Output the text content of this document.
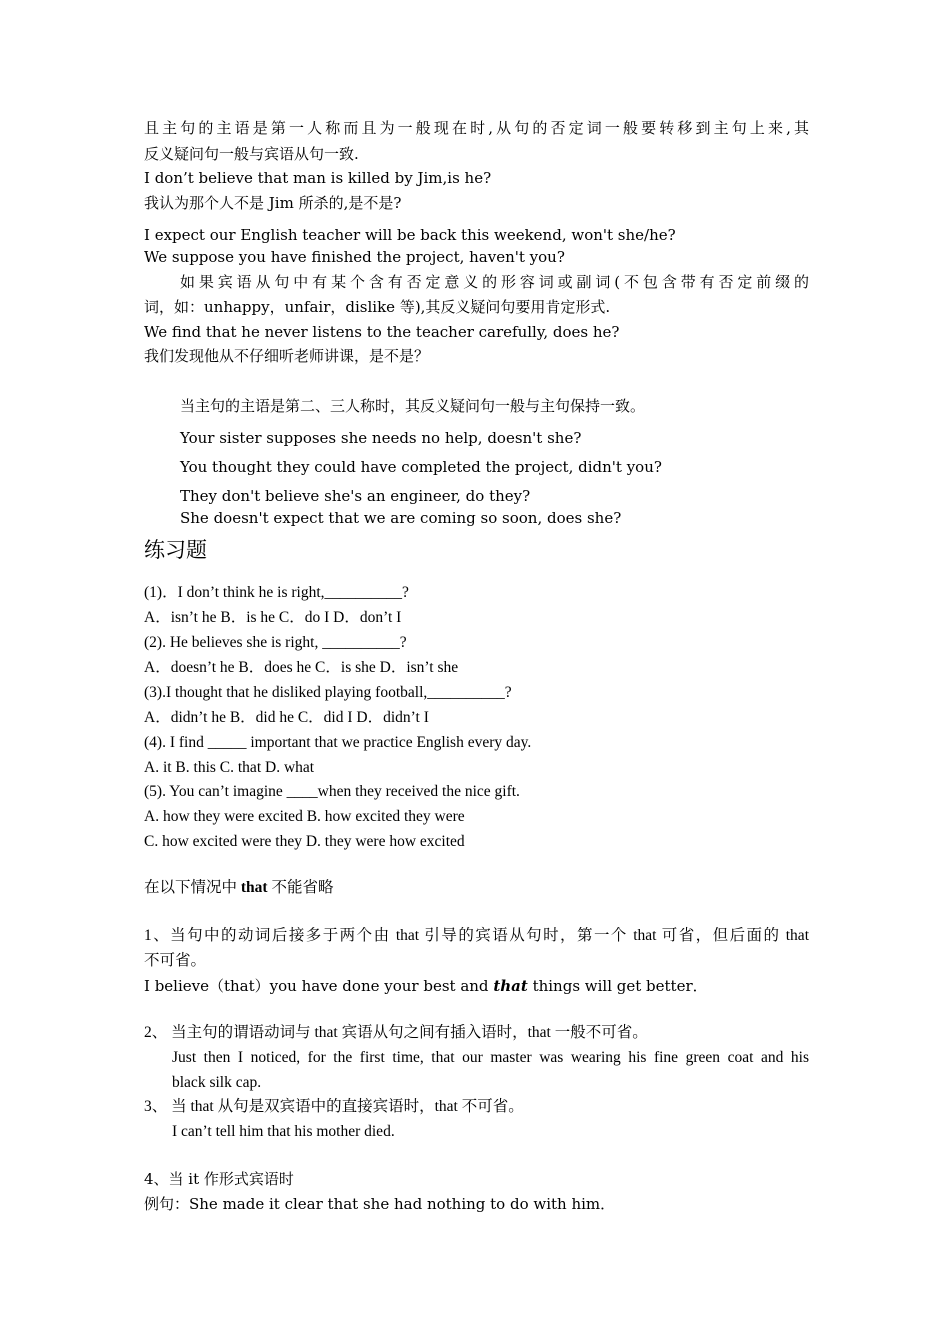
且主句的主语是第一人称而且为一般现在时,从句的否定词一般要转移到主句上来,其
反义疑问句一般与宾语从句一致.
I don’t believe that man is killed by Jim,is he?
我认为那个人不是 Jim 所杀的,是不是?
I expect our English teacher will be back this weekend, won't she/he?
We suppose you have finished the project, haven't you?
如果宾语从句中有某个含有否定意义的形容词或副词(不包含带有否定前缀的
词，如：unhappy，unfair，dislike 等),其反义疑问句要用肯定形式.
We find that he never listens to the teacher carefully, does he?
我们发现他从不仔细听老师讲课，是不是？
当主句的主语是第二、三人称时，其反义疑问句一般与主句保持一致。
Your sister supposes she needs no help, doesn't she?
You thought they could have completed the project, didn't you?
They don't believe she's an engineer, do they?
She doesn't expect that we are coming so soon, does she?
练习题
(1)．I don’t think he is right,__________?
A．isn’t he B．is he C．do I D．don’t I
(2). He believes she is right, __________?
A．doesn’t he B．does he C．is she D．isn’t she
(3).I thought that he disliked playing football,__________?
A．didn’t he B．did he C．did I D．didn’t I
(4). I find _____ important that we practice English every day.
A. it B. this C. that D. what
(5). You can’t imagine ____when they received the nice gift.
A. how they were excited B. how excited they were
C. how excited were they D. they were how excited
在以下情况中 that 不能省略
1、当句中的动词后接多于两个由 that 引导的宾语从句时，第一个 that 可省，但后面的 that
不可省。
I believe（that）you have done your best and that things will get better．
2、 当主句的谓语动词与 that 宾语从句之间有插入语时，that 一般不可省。
Just then I noticed, for the first time, that our master was wearing his fine green coat and his
black silk cap.
3、 当 that 从句是双宾语中的直接宾语时，that 不可省。
I can’t tell him that his mother died.
4、当 it 作形式宾语时
例句：She made it clear that she had nothing to do with him．
